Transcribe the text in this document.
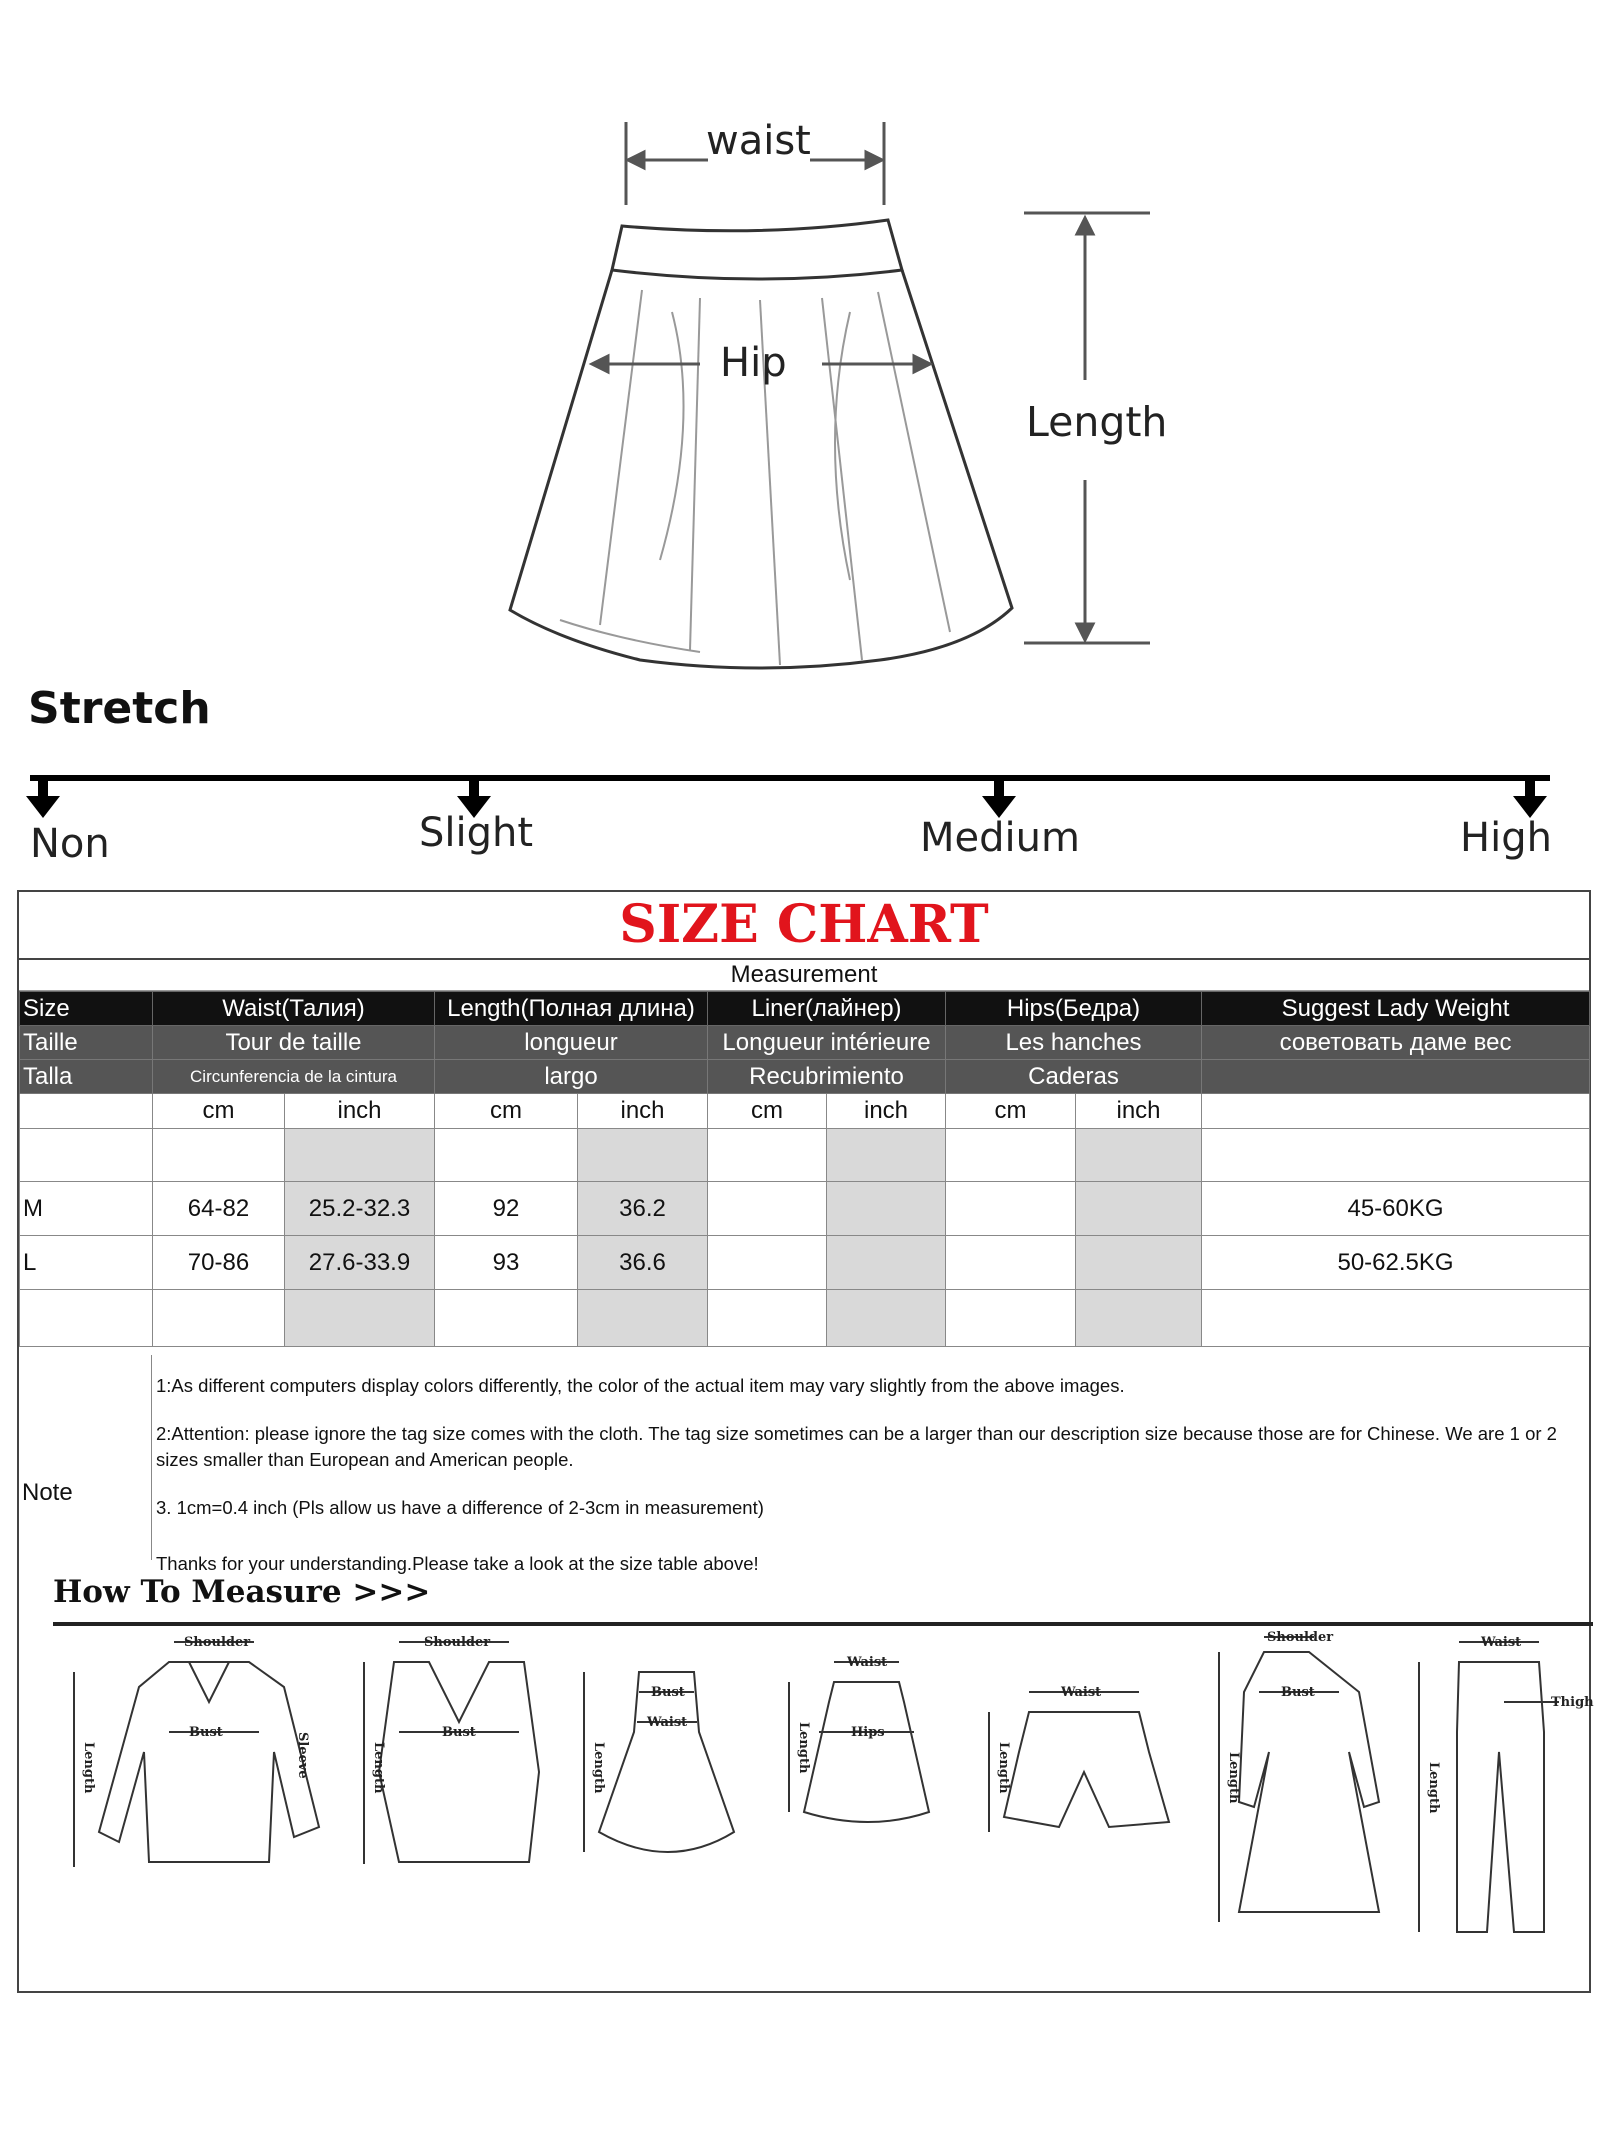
waist
Hip
Length
Stretch
Non	Slight	Medium	High
SIZE CHART
Measurement
Size	Waist(Талия)		Length(Полная длина)		Liner(лайнер)		Hips(Бедра)		Suggest Lady Weight
Taille	Tour de taille		longueur		Longueur intérieure		Les hanches		советовать даме вес
Talla	Circunferencia de la cintura		largo		Recubrimiento		Caderas		
	cm	inch	cm	inch	cm	inch	cm	inch	

M	64-82	25.2-32.3	92	36.2					45-60KG
L	70-86	27.6-33.9	93	36.6					50-62.5KG

Note
1:As different computers display colors differently, the color of the actual item may vary slightly from the above images.
2:Attention: please ignore the tag size comes with the cloth. The tag size sometimes can be a larger than our description size because those are for Chinese. We are 1 or 2 sizes smaller than European and American people.
3. 1cm=0.4 inch (Pls allow us have a difference of 2-3cm in measurement)
Thanks for your understanding.Please take a look at the size table above!
How To Measure >>>
Shoulder
Bust	Sleeve
Length
Shoulder
Bust
Length
Bust
Waist
Length
Waist
Hips
Length
Waist
Length
Shoulder
Bust
Length
Waist
Thigh
Length
